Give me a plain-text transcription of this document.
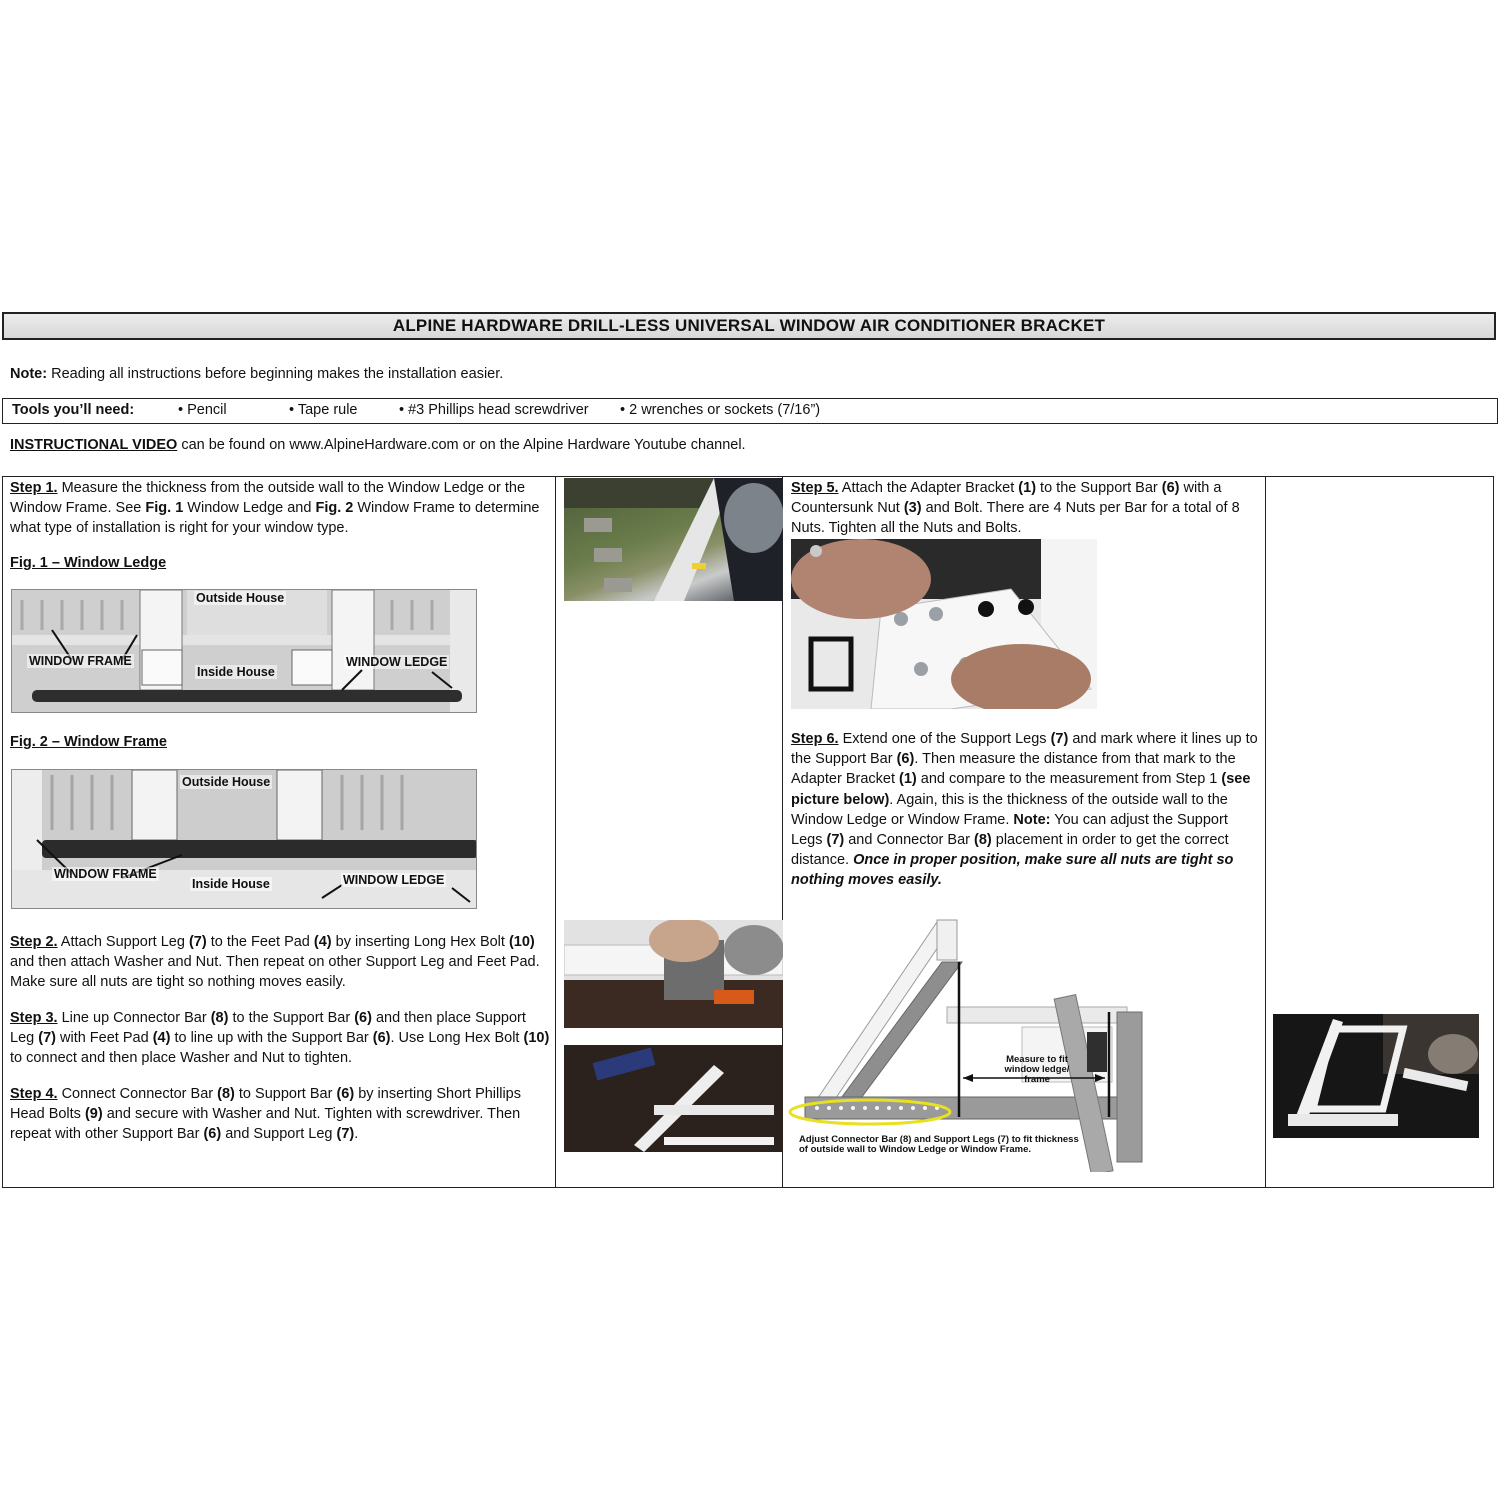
ALPINE HARDWARE DRILL-LESS UNIVERSAL WINDOW AIR CONDITIONER BRACKET
Note: Reading all instructions before beginning makes the installation easier.
Tools you’ll need:	• Pencil	• Tape rule	• #3 Phillips head screwdriver • 2 wrenches or sockets (7/16”)
INSTRUCTIONAL VIDEO can be found on www.AlpineHardware.com or on the Alpine Hardware Youtube channel.
Step 1. Measure the thickness from the outside wall to the Window Ledge or the Window Frame. See Fig. 1 Window Ledge and Fig. 2 Window Frame to determine what type of installation is right for your window type.
Fig. 1 – Window Ledge
Outside House
Inside House
WINDOW FRAME	WINDOW LEDGE
Fig. 2 – Window Frame
Outside House
Inside House
WINDOW FRAME	WINDOW LEDGE
Step 2. Attach Support Leg (7) to the Feet Pad (4) by inserting Long Hex Bolt (10) and then attach Washer and Nut. Then repeat on other Support Leg and Feet Pad. Make sure all nuts are tight so nothing moves easily.
Step 3. Line up Connector Bar (8) to the Support Bar (6) and then place Support Leg (7) with Feet Pad (4) to line up with the Support Bar (6). Use Long Hex Bolt (10) to connect and then place Washer and Nut to tighten.
Step 4. Connect Connector Bar (8) to Support Bar (6) by inserting Short Phillips Head Bolts (9) and secure with Washer and Nut. Tighten with screwdriver. Then repeat with other Support Bar (6) and Support Leg (7).
Step 5. Attach the Adapter Bracket (1) to the Support Bar (6) with a Countersunk Nut (3) and Bolt. There are 4 Nuts per Bar for a total of 8 Nuts. Tighten all the Nuts and Bolts.
Step 6. Extend one of the Support Legs (7) and mark where it lines up to the Support Bar (6). Then measure the distance from that mark to the Adapter Bracket (1) and compare to the measurement from Step 1 (see picture below). Again, this is the thickness of the outside wall to the Window Ledge or Window Frame. Note: You can adjust the Support Legs (7) and Connector Bar (8) placement in order to get the correct distance. Once in proper position, make sure all nuts are tight so nothing moves easily.
Measure to fit window ledge/ frame
Adjust Connector Bar (8) and Support Legs (7) to fit thickness of outside wall to Window Ledge or Window Frame.
